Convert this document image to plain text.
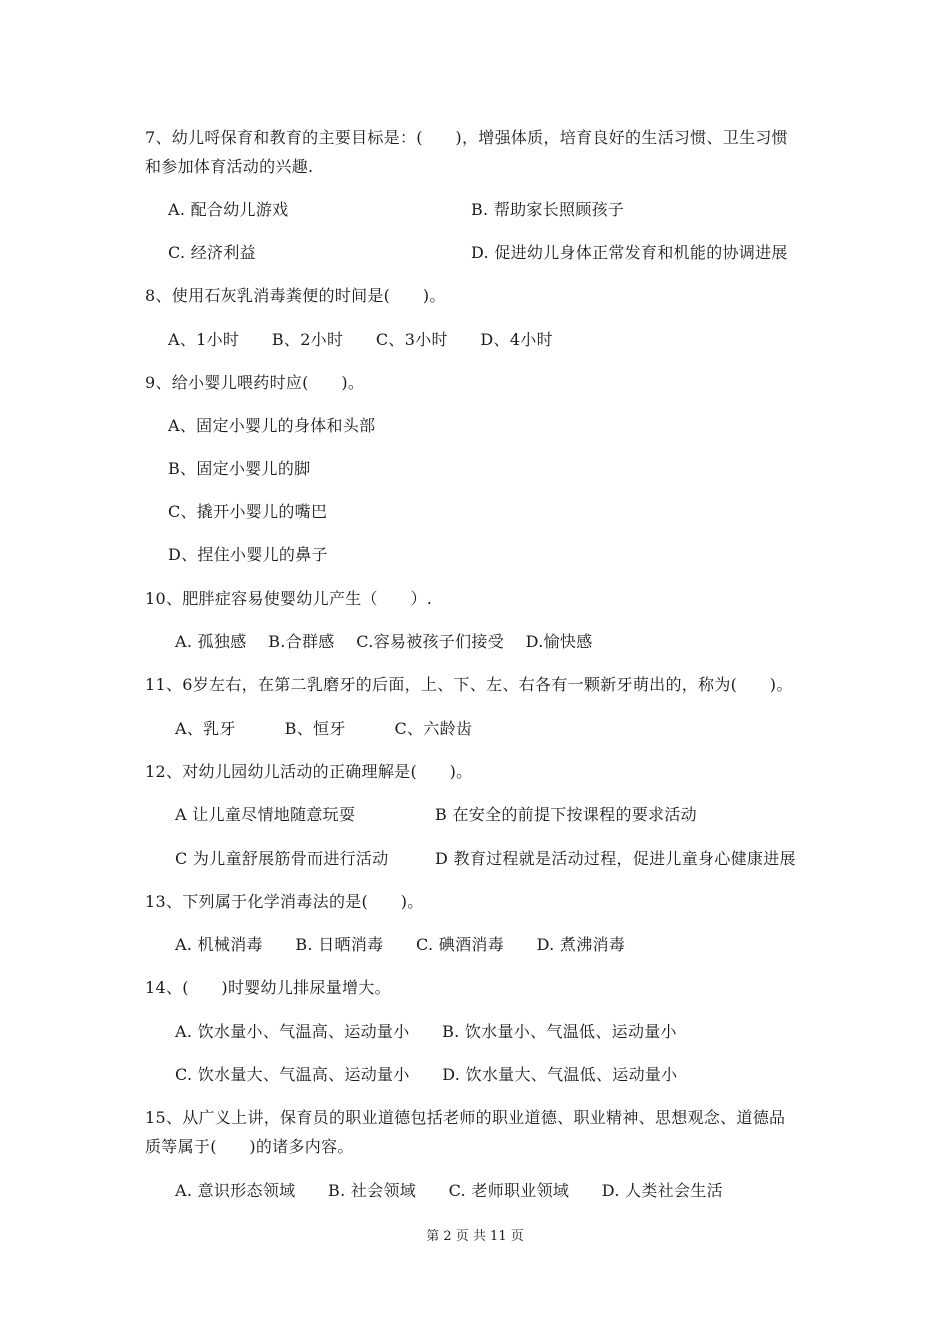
7、幼儿哷保育和教育的主要目标是：(　　)，增强体质，培育良好的生活习惯、卫生习惯
和参加体育活动的兴趣.
A. 配合幼儿游戏	B. 帮助家长照顾孩子
C. 经济利益	D. 促进幼儿身体正常发育和机能的协调进展
8、使用石灰乳消毒粪便的时间是(　　)。
A、1小时　　B、2小时　　C、3小时　　D、4小时
9、给小婴儿喂药时应(　　)。
A、固定小婴儿的身体和头部
B、固定小婴儿的脚
C、撬开小婴儿的嘴巴
D、捏住小婴儿的鼻子
10、肥胖症容易使婴幼儿产生（　　）.
A. 孤独感　 B.合群感　 C.容易被孩子们接受　 D.愉快感
11、6岁左右，在第二乳磨牙的后面，上、下、左、右各有一颗新牙萌出的，称为(　　)。
A、乳牙　　　B、恒牙　　　C、六龄齿
12、对幼儿园幼儿活动的正确理解是(　　)。
A 让儿童尽情地随意玩耍	B 在安全的前提下按课程的要求活动
C 为儿童舒展筋骨而进行活动	D 教育过程就是活动过程，促进儿童身心健康进展
13、下列属于化学消毒法的是(　　)。
A. 机械消毒　　B. 日晒消毒　　C. 碘酒消毒　　D. 煮沸消毒
14、(　　)时婴幼儿排尿量增大。
A. 饮水量小、气温高、运动量小　　B. 饮水量小、气温低、运动量小
C. 饮水量大、气温高、运动量小　　D. 饮水量大、气温低、运动量小
15、从广义上讲，保育员的职业道德包括老师的职业道德、职业精神、思想观念、道德品
质等属于(　　)的诸多内容。
A. 意识形态领域　　B. 社会领域　　C. 老师职业领域　　D. 人类社会生活
第 2 页 共 11 页
